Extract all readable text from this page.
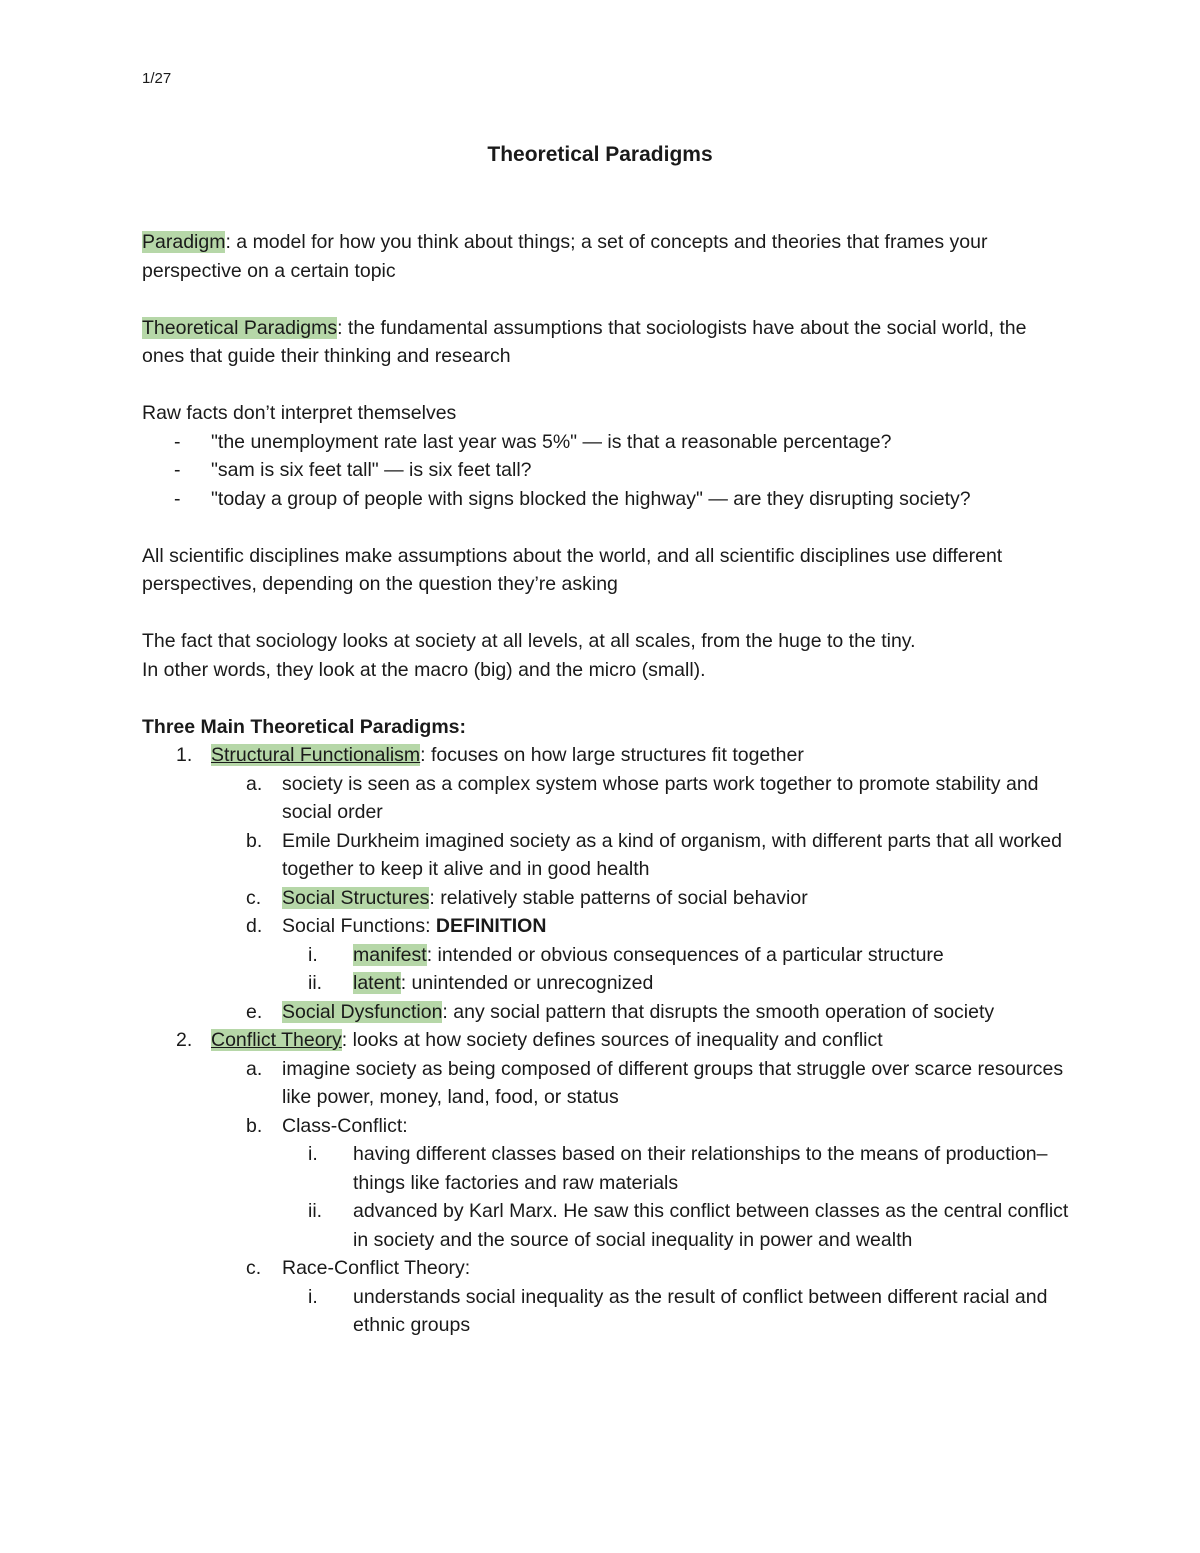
1/27
Theoretical Paradigms

Paradigm: a model for how you think about things; a set of concepts and theories that frames your perspective on a certain topic

Theoretical Paradigms: the fundamental assumptions that sociologists have about the social world, the ones that guide their thinking and research

Raw facts don’t interpret themselves
- "the unemployment rate last year was 5%" — is that a reasonable percentage?
- "sam is six feet tall" — is six feet tall?
- "today a group of people with signs blocked the highway" — are they disrupting society?

All scientific disciplines make assumptions about the world, and all scientific disciplines use different perspectives, depending on the question they’re asking

The fact that sociology looks at society at all levels, at all scales, from the huge to the tiny.
In other words, they look at the macro (big) and the micro (small).

Three Main Theoretical Paradigms:
1. Structural Functionalism: focuses on how large structures fit together
a. society is seen as a complex system whose parts work together to promote stability and social order
b. Emile Durkheim imagined society as a kind of organism, with different parts that all worked together to keep it alive and in good health
c. Social Structures: relatively stable patterns of social behavior
d. Social Functions: DEFINITION
i. manifest: intended or obvious consequences of a particular structure
ii. latent: unintended or unrecognized
e. Social Dysfunction: any social pattern that disrupts the smooth operation of society
2. Conflict Theory: looks at how society defines sources of inequality and conflict
a. imagine society as being composed of different groups that struggle over scarce resources like power, money, land, food, or status
b. Class-Conflict:
i. having different classes based on their relationships to the means of production– things like factories and raw materials
ii. advanced by Karl Marx. He saw this conflict between classes as the central conflict in society and the source of social inequality in power and wealth
c. Race-Conflict Theory:
i. understands social inequality as the result of conflict between different racial and ethnic groups
